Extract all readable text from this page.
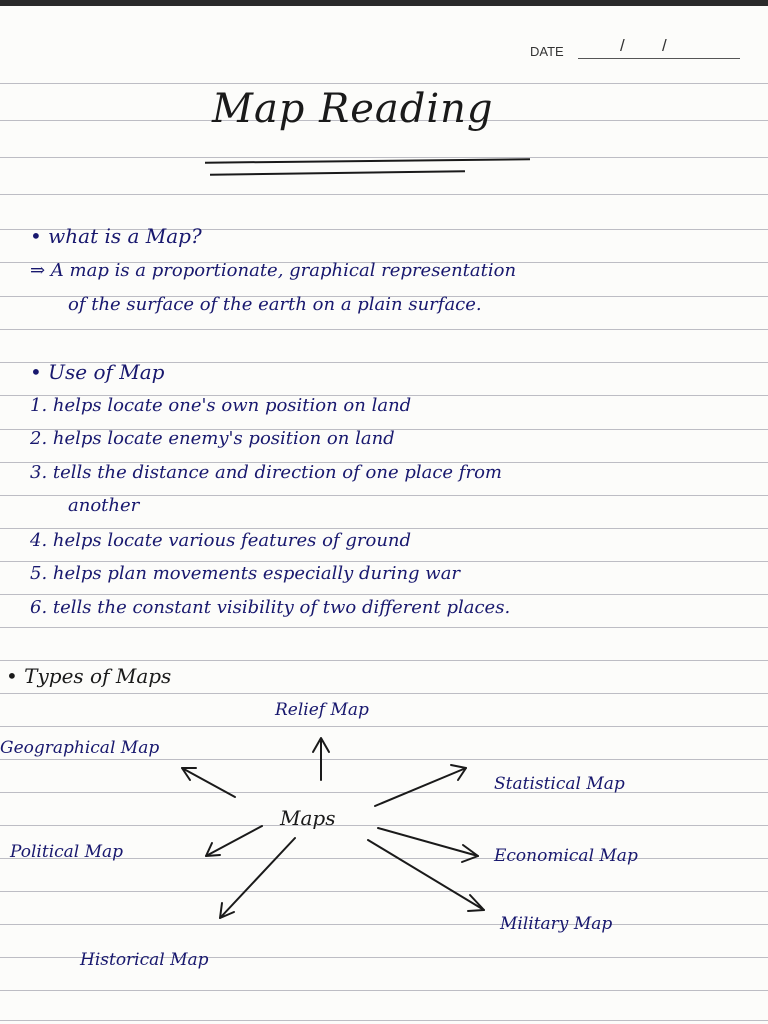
DATE	/ /
Map Reading
• what is a Map?
⇒ A map is a proportionate, graphical representation
of the surface of the earth on a plain surface.
• Use of Map
1. helps locate one's own position on land
2. helps locate enemy's position on land
3. tells the distance and direction of one place from
another
4. helps locate various features of ground
5. helps plan movements especially during war
6. tells the constant visibility of two different places.
• Types of Maps
Maps
Relief Map
Geographical Map
Political Map
Historical Map
Statistical Map
Economical Map
Military Map
